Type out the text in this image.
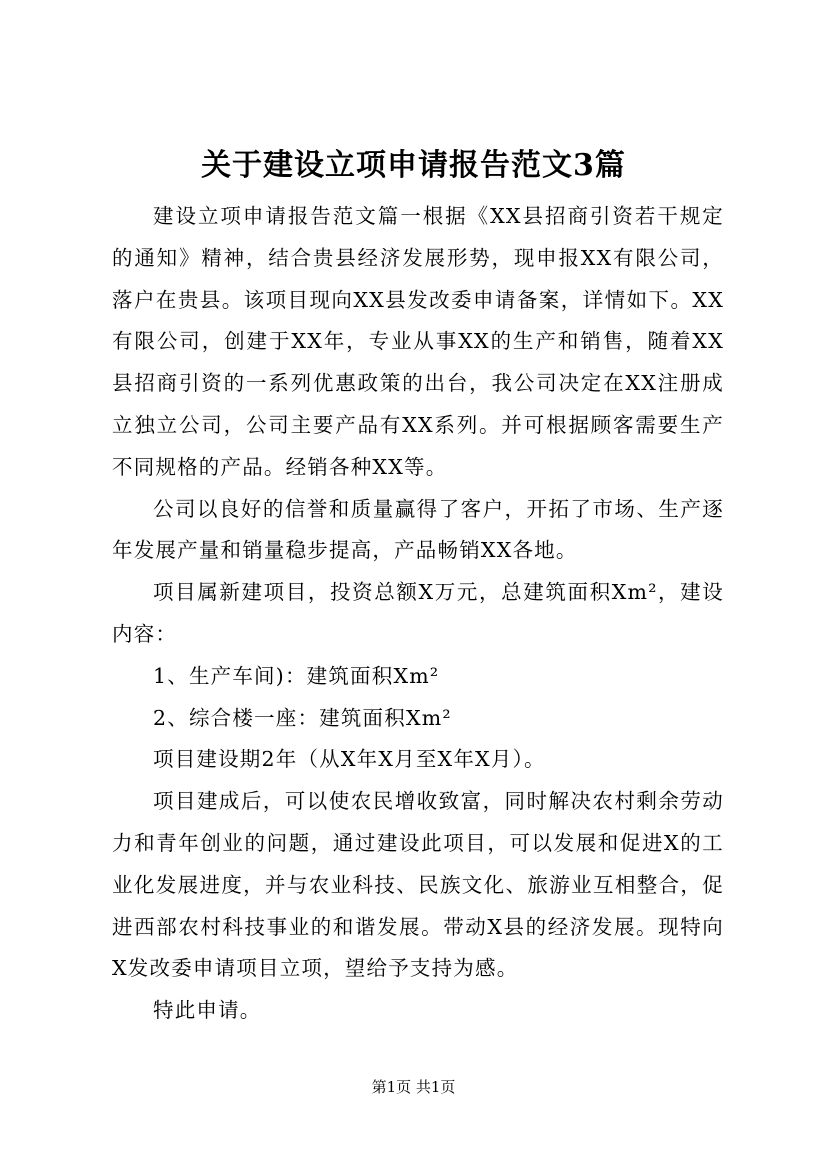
关于建设立项申请报告范文3篇

建设立项申请报告范文篇一根据《XX县招商引资若干规定的通知》精神，结合贵县经济发展形势，现申报XX有限公司，落户在贵县。该项目现向XX县发改委申请备案，详情如下。XX有限公司，创建于XX年，专业从事XX的生产和销售，随着XX县招商引资的一系列优惠政策的出台，我公司决定在XX注册成立独立公司，公司主要产品有XX系列。并可根据顾客需要生产不同规格的产品。经销各种XX等。

公司以良好的信誉和质量赢得了客户，开拓了市场、生产逐年发展产量和销量稳步提高，产品畅销XX各地。

项目属新建项目，投资总额X万元，总建筑面积Xm²，建设内容：

1、生产车间)：建筑面积Xm²

2、综合楼一座：建筑面积Xm²

项目建设期2年（从X年X月至X年X月）。

项目建成后，可以使农民增收致富，同时解决农村剩余劳动力和青年创业的问题，通过建设此项目，可以发展和促进X的工业化发展进度，并与农业科技、民族文化、旅游业互相整合，促进西部农村科技事业的和谐发展。带动X县的经济发展。现特向X发改委申请项目立项，望给予支持为感。

特此申请。

第1页 共1页
